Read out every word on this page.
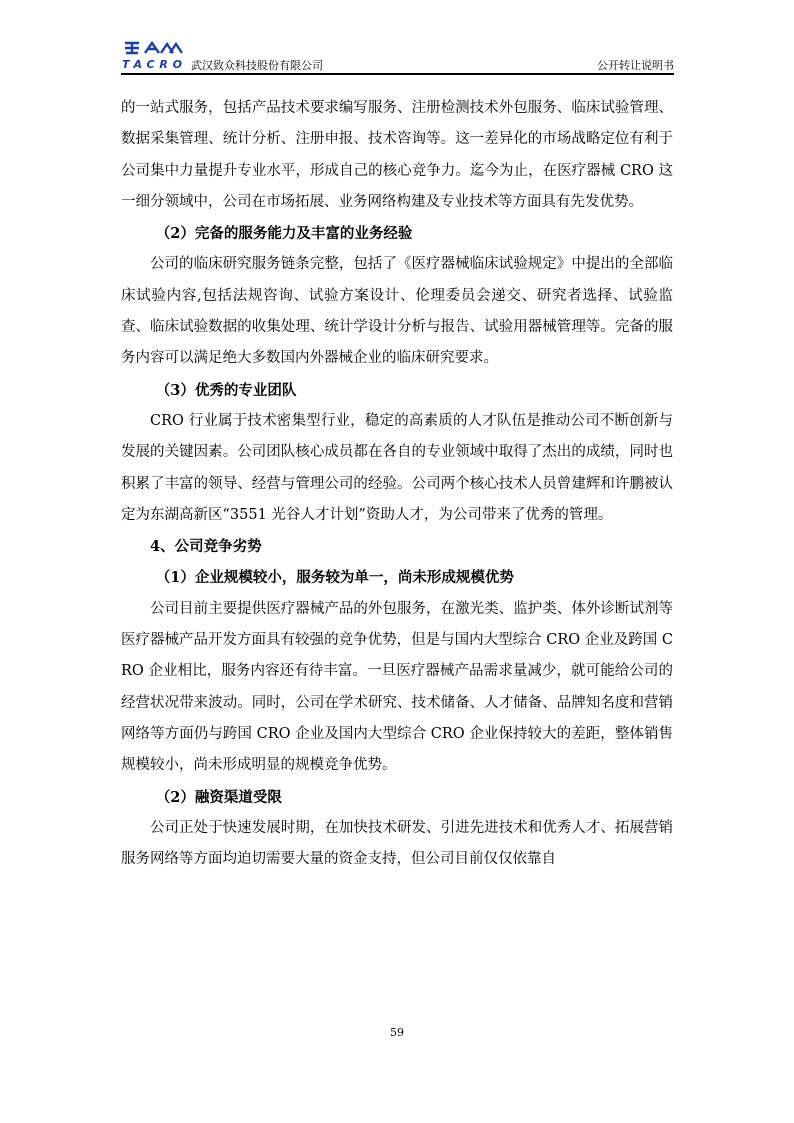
TACRO 武汉致众科技股份有限公司	公开转让说明书

的一站式服务，包括产品技术要求编写服务、注册检测技术外包服务、临床试验管理、数据采集管理、统计分析、注册申报、技术咨询等。这一差异化的市场战略定位有利于公司集中力量提升专业水平，形成自己的核心竞争力。迄今为止，在医疗器械 CRO 这一细分领域中，公司在市场拓展、业务网络构建及专业技术等方面具有先发优势。

（2）完备的服务能力及丰富的业务经验

公司的临床研究服务链条完整，包括了《医疗器械临床试验规定》中提出的全部临床试验内容,包括法规咨询、试验方案设计、伦理委员会递交、研究者选择、试验监查、临床试验数据的收集处理、统计学设计分析与报告、试验用器械管理等。完备的服务内容可以满足绝大多数国内外器械企业的临床研究要求。

（3）优秀的专业团队

CRO 行业属于技术密集型行业，稳定的高素质的人才队伍是推动公司不断创新与发展的关键因素。公司团队核心成员都在各自的专业领域中取得了杰出的成绩，同时也积累了丰富的领导、经营与管理公司的经验。公司两个核心技术人员曾建辉和许鹏被认定为东湖高新区“3551 光谷人才计划”资助人才，为公司带来了优秀的管理。

4、公司竞争劣势

（1）企业规模较小，服务较为单一，尚未形成规模优势

公司目前主要提供医疗器械产品的外包服务，在激光类、监护类、体外诊断试剂等医疗器械产品开发方面具有较强的竞争优势，但是与国内大型综合 CRO 企业及跨国 CRO 企业相比，服务内容还有待丰富。一旦医疗器械产品需求量减少，就可能给公司的经营状况带来波动。同时，公司在学术研究、技术储备、人才储备、品牌知名度和营销网络等方面仍与跨国 CRO 企业及国内大型综合 CRO 企业保持较大的差距，整体销售规模较小，尚未形成明显的规模竞争优势。

（2）融资渠道受限

公司正处于快速发展时期，在加快技术研发、引进先进技术和优秀人才、拓展营销服务网络等方面均迫切需要大量的资金支持，但公司目前仅仅依靠自

59
